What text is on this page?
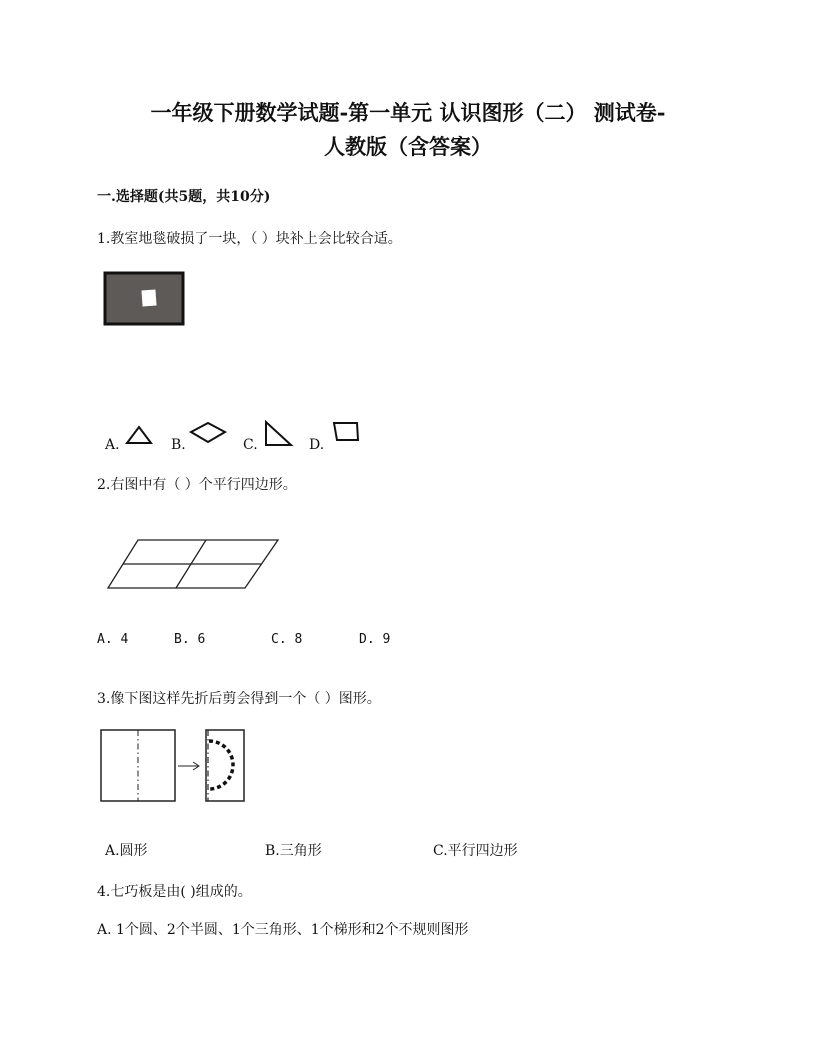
一年级下册数学试题-第一单元 认识图形（二） 测试卷-
人教版（含答案）
一.选择题(共5题，共10分)
1.教室地毯破损了一块，（ ）块补上会比较合适。
A.	B.	C.	D.
2.右图中有（ ）个平行四边形。
A. 4	B. 6	C. 8	D. 9
3.像下图这样先折后剪会得到一个（ ）图形。
A.圆形	B.三角形	C.平行四边形
4.七巧板是由( )组成的。
A. 1个圆、2个半圆、1个三角形、1个梯形和2个不规则图形
